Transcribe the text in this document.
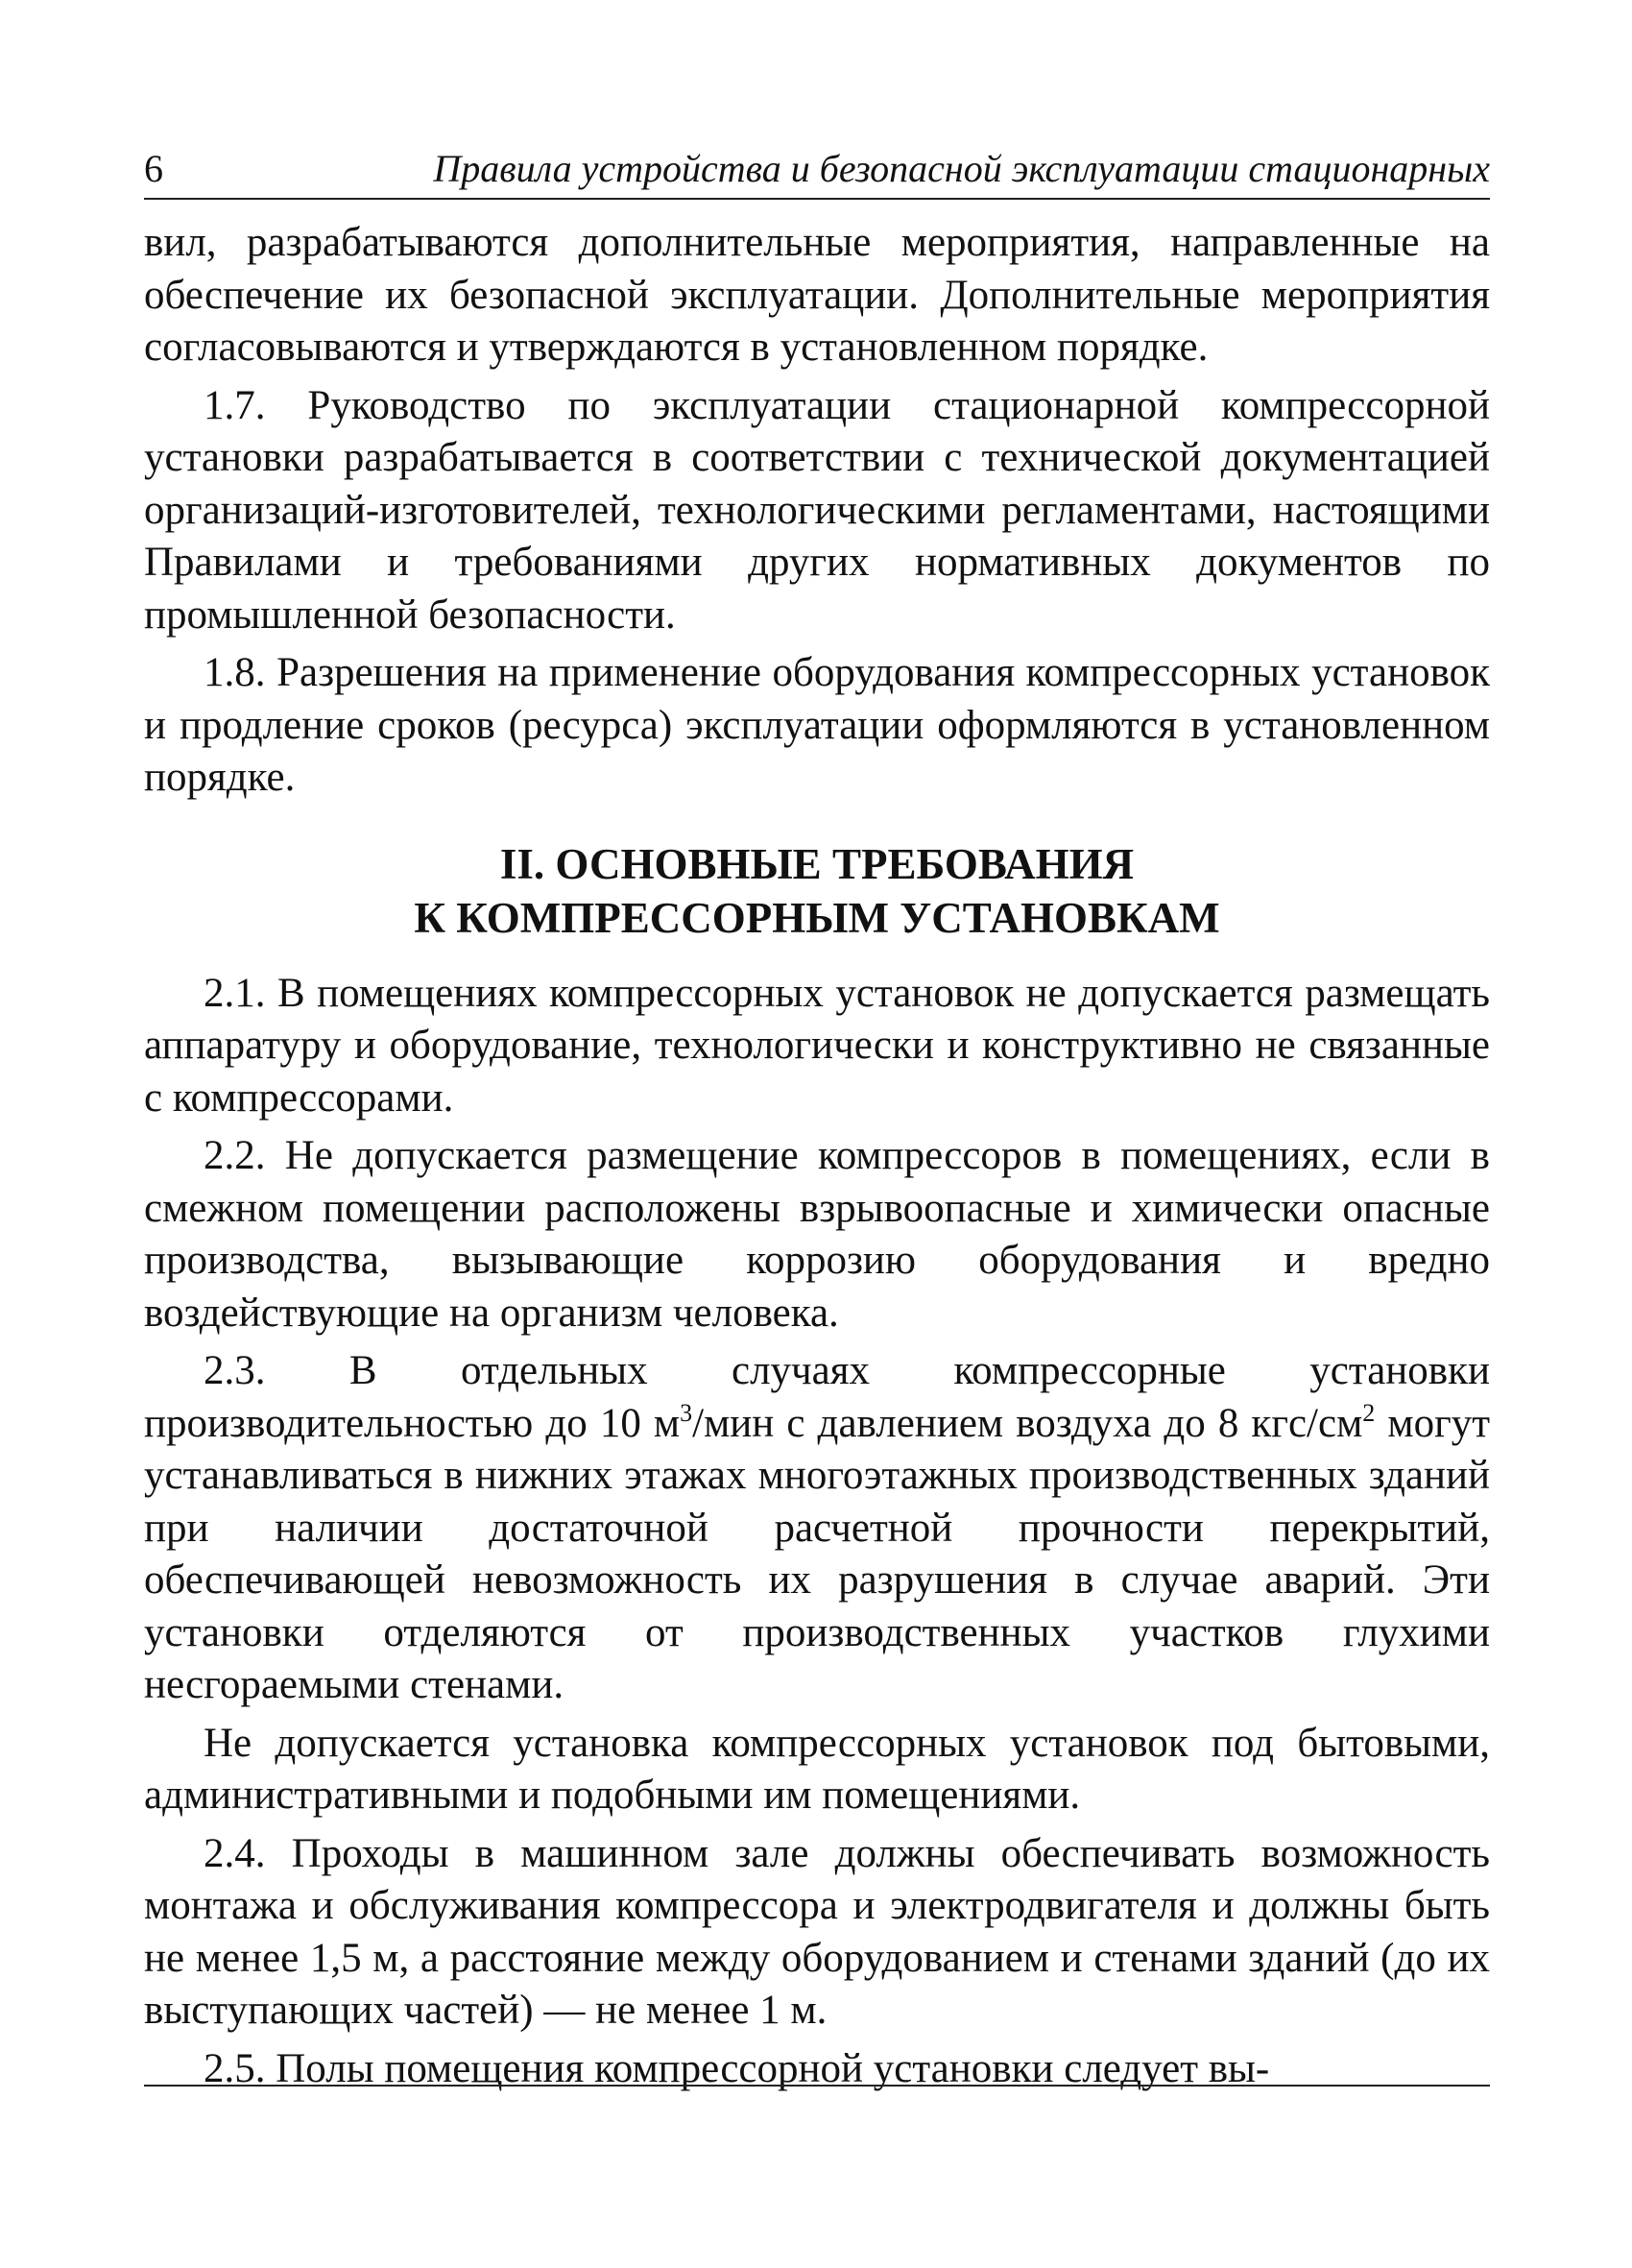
6	Правила устройства и безопасной эксплуатации стационарных

вил, разрабатываются дополнительные мероприятия, направленные на обеспечение их безопасной эксплуатации. Дополнительные мероприятия согласовываются и утверждаются в установленном порядке.

1.7. Руководство по эксплуатации стационарной компрессорной установки разрабатывается в соответствии с технической документацией организаций-изготовителей, технологическими регламентами, настоящими Правилами и требованиями других нормативных документов по промышленной безопасности.

1.8. Разрешения на применение оборудования компрессорных установок и продление сроков (ресурса) эксплуатации оформляются в установленном порядке.

II. ОСНОВНЫЕ ТРЕБОВАНИЯ
К КОМПРЕССОРНЫМ УСТАНОВКАМ

2.1. В помещениях компрессорных установок не допускается размещать аппаратуру и оборудование, технологически и конструктивно не связанные с компрессорами.

2.2. Не допускается размещение компрессоров в помещениях, если в смежном помещении расположены взрывоопасные и химически опасные производства, вызывающие коррозию оборудования и вредно воздействующие на организм человека.

2.3. В отдельных случаях компрессорные установки производительностью до 10 $м^3$/мин с давлением воздуха до 8 кгс/$см^2$ могут устанавливаться в нижних этажах многоэтажных производственных зданий при наличии достаточной расчетной прочности перекрытий, обеспечивающей невозможность их разрушения в случае аварий. Эти установки отделяются от производственных участков глухими несгораемыми стенами.

Не допускается установка компрессорных установок под бытовыми, административными и подобными им помещениями.

2.4. Проходы в машинном зале должны обеспечивать возможность монтажа и обслуживания компрессора и электродвигателя и должны быть не менее 1,5 м, а расстояние между оборудованием и стенами зданий (до их выступающих частей) — не менее 1 м.

2.5. Полы помещения компрессорной установки следует вы-
